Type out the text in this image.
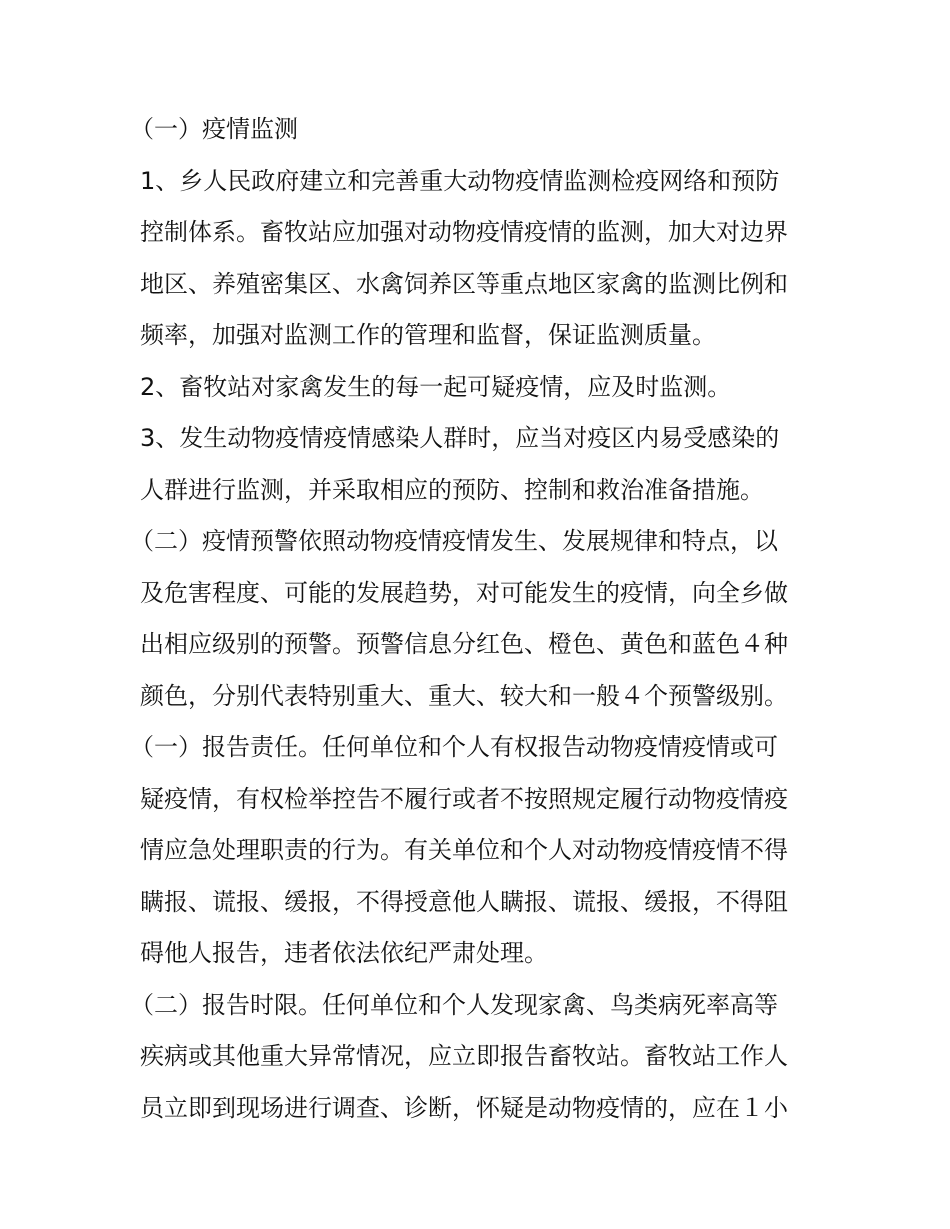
（一）疫情监测
1、乡人民政府建立和完善重大动物疫情监测检疫网络和预防
控制体系。畜牧站应加强对动物疫情疫情的监测，加大对边界
地区、养殖密集区、水禽饲养区等重点地区家禽的监测比例和
频率，加强对监测工作的管理和监督，保证监测质量。
2、畜牧站对家禽发生的每一起可疑疫情，应及时监测。
3、发生动物疫情疫情感染人群时，应当对疫区内易受感染的
人群进行监测，并采取相应的预防、控制和救治准备措施。
（二）疫情预警依照动物疫情疫情发生、发展规律和特点，以
及危害程度、可能的发展趋势，对可能发生的疫情，向全乡做
出相应级别的预警。预警信息分红色、橙色、黄色和蓝色４种
颜色，分别代表特别重大、重大、较大和一般４个预警级别。
（一）报告责任。任何单位和个人有权报告动物疫情疫情或可
疑疫情，有权检举控告不履行或者不按照规定履行动物疫情疫
情应急处理职责的行为。有关单位和个人对动物疫情疫情不得
瞒报、谎报、缓报，不得授意他人瞒报、谎报、缓报，不得阻
碍他人报告，违者依法依纪严肃处理。
（二）报告时限。任何单位和个人发现家禽、鸟类病死率高等
疾病或其他重大异常情况，应立即报告畜牧站。畜牧站工作人
员立即到现场进行调查、诊断，怀疑是动物疫情的，应在１小
